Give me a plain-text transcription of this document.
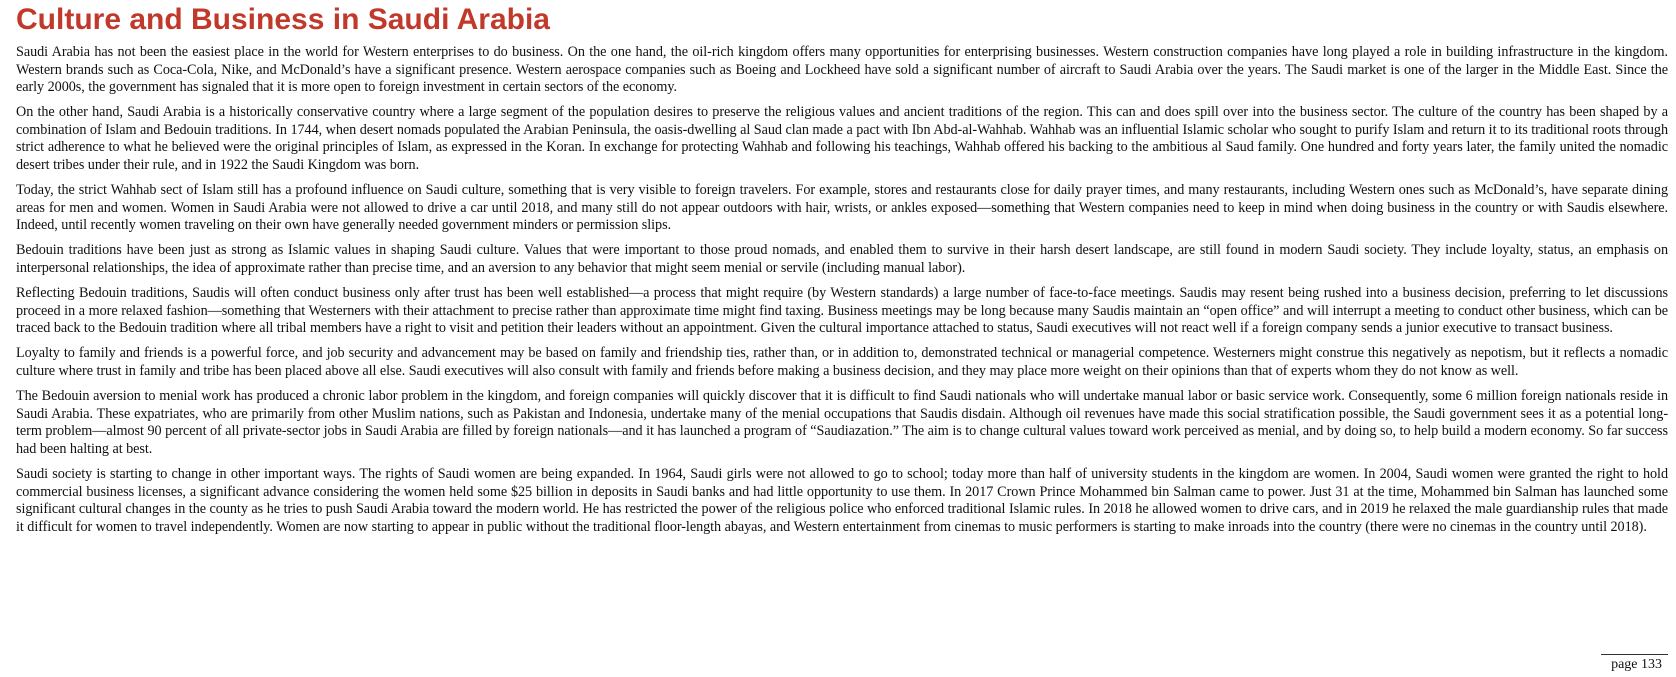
Culture and Business in Saudi Arabia

Saudi Arabia has not been the easiest place in the world for Western enterprises to do business. On the one hand, the oil-rich kingdom offers many opportunities for enterprising businesses. Western construction companies have long played a role in building infrastructure in the kingdom. Western brands such as Coca-Cola, Nike, and McDonald’s have a significant presence. Western aerospace companies such as Boeing and Lockheed have sold a significant number of aircraft to Saudi Arabia over the years. The Saudi market is one of the larger in the Middle East. Since the early 2000s, the government has signaled that it is more open to foreign investment in certain sectors of the economy.

On the other hand, Saudi Arabia is a historically conservative country where a large segment of the population desires to preserve the religious values and ancient traditions of the region. This can and does spill over into the business sector. The culture of the country has been shaped by a combination of Islam and Bedouin traditions. In 1744, when desert nomads populated the Arabian Peninsula, the oasis-dwelling al Saud clan made a pact with Ibn Abd-al-Wahhab. Wahhab was an influential Islamic scholar who sought to purify Islam and return it to its traditional roots through strict adherence to what he believed were the original principles of Islam, as expressed in the Koran. In exchange for protecting Wahhab and following his teachings, Wahhab offered his backing to the ambitious al Saud family. One hundred and forty years later, the family united the nomadic desert tribes under their rule, and in 1922 the Saudi Kingdom was born.

Today, the strict Wahhab sect of Islam still has a profound influence on Saudi culture, something that is very visible to foreign travelers. For example, stores and restaurants close for daily prayer times, and many restaurants, including Western ones such as McDonald’s, have separate dining areas for men and women. Women in Saudi Arabia were not allowed to drive a car until 2018, and many still do not appear outdoors with hair, wrists, or ankles exposed—something that Western companies need to keep in mind when doing business in the country or with Saudis elsewhere. Indeed, until recently women traveling on their own have generally needed government minders or permission slips.

Bedouin traditions have been just as strong as Islamic values in shaping Saudi culture. Values that were important to those proud nomads, and enabled them to survive in their harsh desert landscape, are still found in modern Saudi society. They include loyalty, status, an emphasis on interpersonal relationships, the idea of approximate rather than precise time, and an aversion to any behavior that might seem menial or servile (including manual labor).

Reflecting Bedouin traditions, Saudis will often conduct business only after trust has been well established—a process that might require (by Western standards) a large number of face-to-face meetings. Saudis may resent being rushed into a business decision, preferring to let discussions proceed in a more relaxed fashion—something that Westerners with their attachment to precise rather than approximate time might find taxing. Business meetings may be long because many Saudis maintain an “open office” and will interrupt a meeting to conduct other business, which can be traced back to the Bedouin tradition where all tribal members have a right to visit and petition their leaders without an appointment. Given the cultural importance attached to status, Saudi executives will not react well if a foreign company sends a junior executive to transact business.

Loyalty to family and friends is a powerful force, and job security and advancement may be based on family and friendship ties, rather than, or in addition to, demonstrated technical or managerial competence. Westerners might construe this negatively as nepotism, but it reflects a nomadic culture where trust in family and tribe has been placed above all else. Saudi executives will also consult with family and friends before making a business decision, and they may place more weight on their opinions than that of experts whom they do not know as well.

The Bedouin aversion to menial work has produced a chronic labor problem in the kingdom, and foreign companies will quickly discover that it is difficult to find Saudi nationals who will undertake manual labor or basic service work. Consequently, some 6 million foreign nationals reside in Saudi Arabia. These expatriates, who are primarily from other Muslim nations, such as Pakistan and Indonesia, undertake many of the menial occupations that Saudis disdain. Although oil revenues have made this social stratification possible, the Saudi government sees it as a potential long-term problem—almost 90 percent of all private-sector jobs in Saudi Arabia are filled by foreign nationals—and it has launched a program of “Saudiazation.” The aim is to change cultural values toward work perceived as menial, and by doing so, to help build a modern economy. So far success had been halting at best.

Saudi society is starting to change in other important ways. The rights of Saudi women are being expanded. In 1964, Saudi girls were not allowed to go to school; today more than half of university students in the kingdom are women. In 2004, Saudi women were granted the right to hold commercial business licenses, a significant advance considering the women held some $25 billion in deposits in Saudi banks and had little opportunity to use them. In 2017 Crown Prince Mohammed bin Salman came to power. Just 31 at the time, Mohammed bin Salman has launched some significant cultural changes in the county as he tries to push Saudi Arabia toward the modern world. He has restricted the power of the religious police who enforced traditional Islamic rules. In 2018 he allowed women to drive cars, and in 2019 he relaxed the male guardianship rules that made it difficult for women to travel independently. Women are now starting to appear in public without the traditional floor-length abayas, and Western entertainment from cinemas to music performers is starting to make inroads into the country (there were no cinemas in the country until 2018).

page 133
